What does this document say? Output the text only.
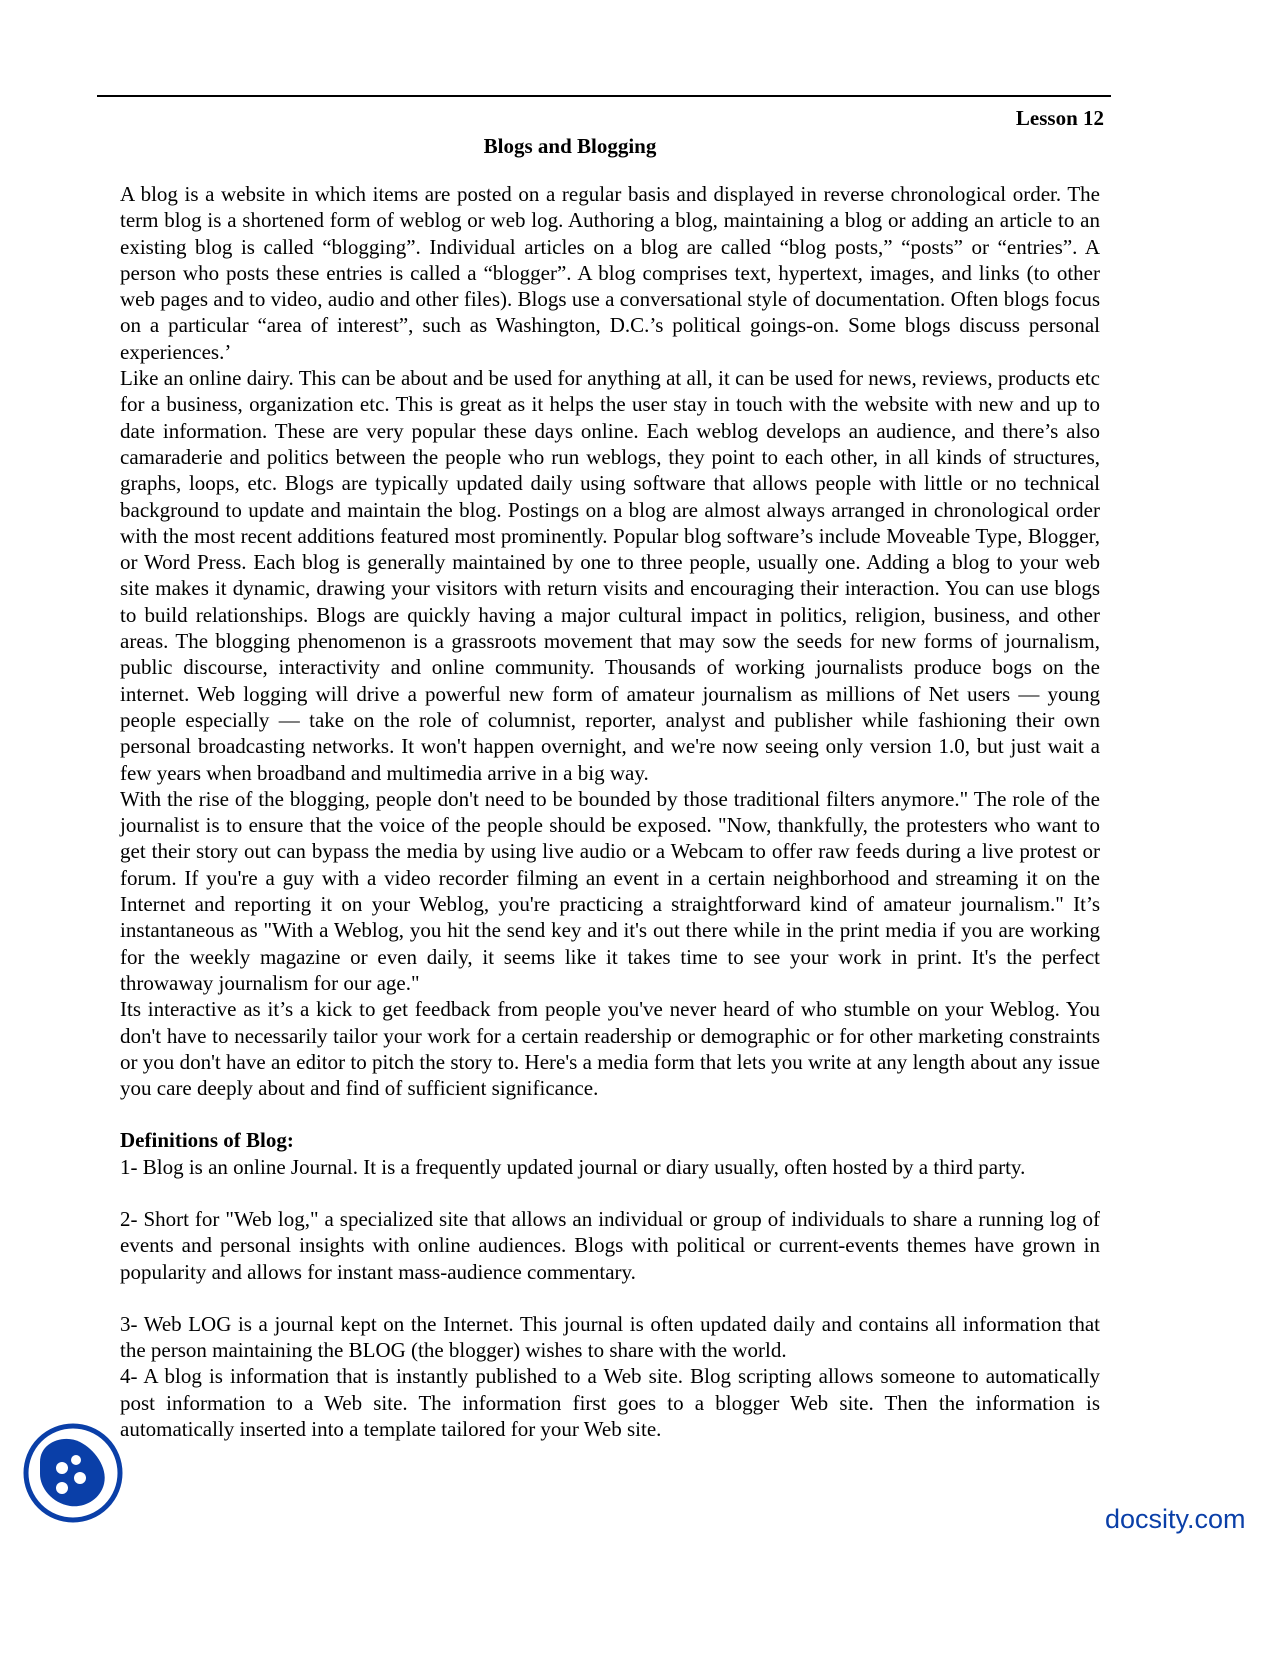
Lesson 12
Blogs and Blogging

A blog is a website in which items are posted on a regular basis and displayed in reverse chronological order. The term blog is a shortened form of weblog or web log. Authoring a blog, maintaining a blog or adding an article to an existing blog is called “blogging”. Individual articles on a blog are called “blog posts,” “posts” or “entries”. A person who posts these entries is called a “blogger”. A blog comprises text, hypertext, images, and links (to other web pages and to video, audio and other files). Blogs use a conversational style of documentation. Often blogs focus on a particular “area of interest”, such as Washington, D.C.’s political goings-on. Some blogs discuss personal experiences.’

Like an online dairy. This can be about and be used for anything at all, it can be used for news, reviews, products etc for a business, organization etc. This is great as it helps the user stay in touch with the website with new and up to date information. These are very popular these days online. Each weblog develops an audience, and there’s also camaraderie and politics between the people who run weblogs, they point to each other, in all kinds of structures, graphs, loops, etc. Blogs are typically updated daily using software that allows people with little or no technical background to update and maintain the blog. Postings on a blog are almost always arranged in chronological order with the most recent additions featured most prominently. Popular blog software’s include Moveable Type, Blogger, or Word Press. Each blog is generally maintained by one to three people, usually one. Adding a blog to your web site makes it dynamic, drawing your visitors with return visits and encouraging their interaction. You can use blogs to build relationships. Blogs are quickly having a major cultural impact in politics, religion, business, and other areas. The blogging phenomenon is a grassroots movement that may sow the seeds for new forms of journalism, public discourse, interactivity and online community. Thousands of working journalists produce bogs on the internet. Web logging will drive a powerful new form of amateur journalism as millions of Net users — young people especially — take on the role of columnist, reporter, analyst and publisher while fashioning their own personal broadcasting networks. It won't happen overnight, and we're now seeing only version 1.0, but just wait a few years when broadband and multimedia arrive in a big way.

With the rise of the blogging, people don't need to be bounded by those traditional filters anymore." The role of the journalist is to ensure that the voice of the people should be exposed. "Now, thankfully, the protesters who want to get their story out can bypass the media by using live audio or a Webcam to offer raw feeds during a live protest or forum. If you're a guy with a video recorder filming an event in a certain neighborhood and streaming it on the Internet and reporting it on your Weblog, you're practicing a straightforward kind of amateur journalism." It’s instantaneous as "With a Weblog, you hit the send key and it's out there while in the print media if you are working for the weekly magazine or even daily, it seems like it takes time to see your work in print. It's the perfect throwaway journalism for our age."

Its interactive as it’s a kick to get feedback from people you've never heard of who stumble on your Weblog. You don't have to necessarily tailor your work for a certain readership or demographic or for other marketing constraints or you don't have an editor to pitch the story to. Here's a media form that lets you write at any length about any issue you care deeply about and find of sufficient significance.

Definitions of Blog:

1- Blog is an online Journal. It is a frequently updated journal or diary usually, often hosted by a third party.

2- Short for "Web log," a specialized site that allows an individual or group of individuals to share a running log of events and personal insights with online audiences. Blogs with political or current-events themes have grown in popularity and allows for instant mass-audience commentary.

3- Web LOG is a journal kept on the Internet. This journal is often updated daily and contains all information that the person maintaining the BLOG (the blogger) wishes to share with the world.

4- A blog is information that is instantly published to a Web site. Blog scripting allows someone to automatically post information to a Web site. The information first goes to a blogger Web site. Then the information is automatically inserted into a template tailored for your Web site.

docsity.com
